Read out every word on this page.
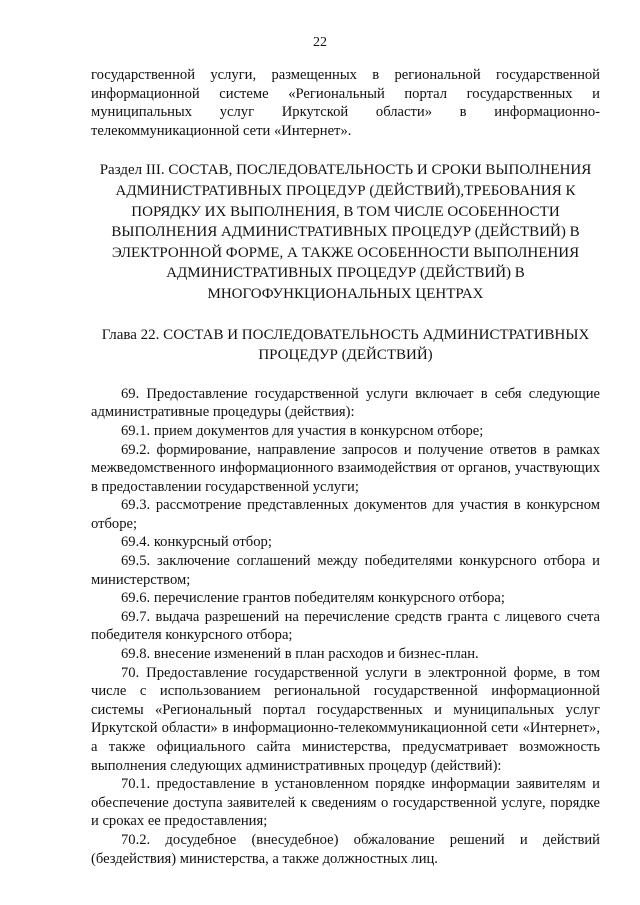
22

государственной услуги, размещенных в региональной государственной информационной системе «Региональный портал государственных и муниципальных услуг Иркутской области» в информационно-телекоммуникационной сети «Интернет».

Раздел III. СОСТАВ, ПОСЛЕДОВАТЕЛЬНОСТЬ И СРОКИ ВЫПОЛНЕНИЯ АДМИНИСТРАТИВНЫХ ПРОЦЕДУР (ДЕЙСТВИЙ),ТРЕБОВАНИЯ К ПОРЯДКУ ИХ ВЫПОЛНЕНИЯ, В ТОМ ЧИСЛЕ ОСОБЕННОСТИ ВЫПОЛНЕНИЯ АДМИНИСТРАТИВНЫХ ПРОЦЕДУР (ДЕЙСТВИЙ) В ЭЛЕКТРОННОЙ ФОРМЕ, А ТАКЖЕ ОСОБЕННОСТИ ВЫПОЛНЕНИЯ АДМИНИСТРАТИВНЫХ ПРОЦЕДУР (ДЕЙСТВИЙ) В МНОГОФУНКЦИОНАЛЬНЫХ ЦЕНТРАХ
Глава 22. СОСТАВ И ПОСЛЕДОВАТЕЛЬНОСТЬ АДМИНИСТРАТИВНЫХ ПРОЦЕДУР (ДЕЙСТВИЙ)

69. Предоставление государственной услуги включает в себя следующие административные процедуры (действия):

69.1. прием документов для участия в конкурсном отборе;

69.2. формирование, направление запросов и получение ответов в рамках межведомственного информационного взаимодействия от органов, участвующих в предоставлении государственной услуги;

69.3. рассмотрение представленных документов для участия в конкурсном отборе;

69.4. конкурсный отбор;

69.5. заключение соглашений между победителями конкурсного отбора и министерством;

69.6. перечисление грантов победителям конкурсного отбора;

69.7. выдача разрешений на перечисление средств гранта с лицевого счета победителя конкурсного отбора;

69.8. внесение изменений в план расходов и бизнес-план.

70. Предоставление государственной услуги в электронной форме, в том числе с использованием региональной государственной информационной системы «Региональный портал государственных и муниципальных услуг Иркутской области» в информационно-телекоммуникационной сети «Интернет», а также официального сайта министерства, предусматривает возможность выполнения следующих административных процедур (действий):

70.1. предоставление в установленном порядке информации заявителям и обеспечение доступа заявителей к сведениям о государственной услуге, порядке и сроках ее предоставления;

70.2. досудебное (внесудебное) обжалование решений и действий (бездействия) министерства, а также должностных лиц.
